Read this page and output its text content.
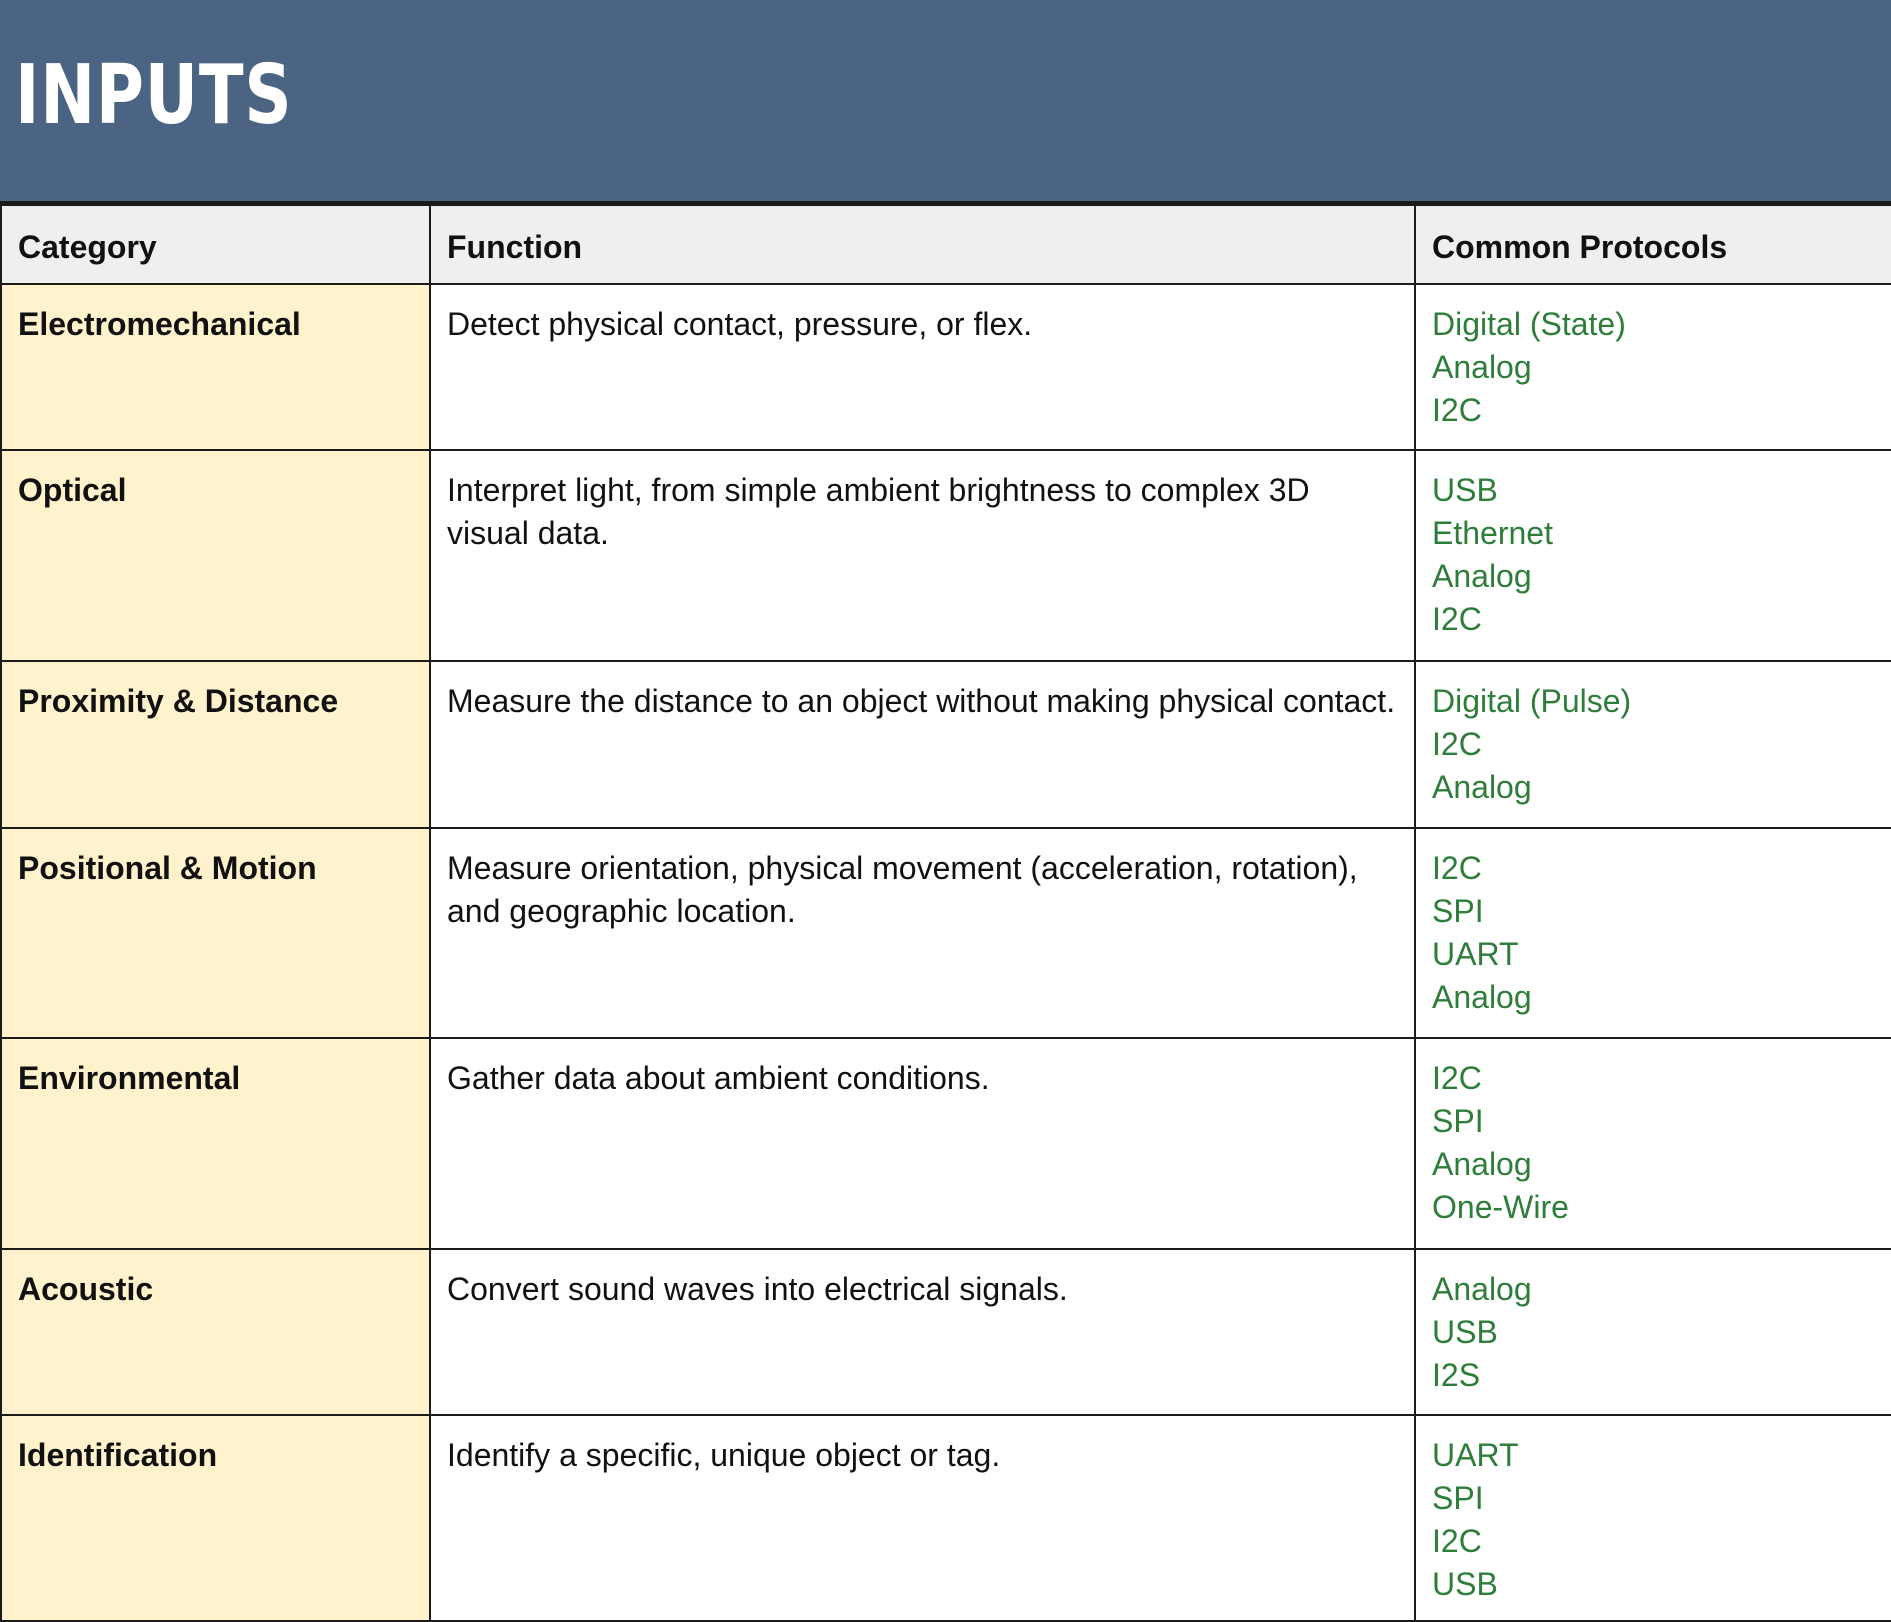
INPUTS
Category	Function	Common Protocols
Electromechanical	Detect physical contact, pressure, or flex.	Digital (State)
Analog
I2C

Optical	Interpret light, from simple ambient brightness to complex 3D visual data.	USB
Ethernet
Analog
I2C

Proximity & Distance	Measure the distance to an object without making physical contact.	Digital (Pulse)
I2C
Analog

Positional & Motion	Measure orientation, physical movement (acceleration, rotation), and geographic location.	I2C
SPI
UART
Analog

Environmental	Gather data about ambient conditions.	I2C
SPI
Analog
One-Wire

Acoustic	Convert sound waves into electrical signals.	Analog
USB
I2S

Identification	Identify a specific, unique object or tag.	UART
SPI
I2C
USB
